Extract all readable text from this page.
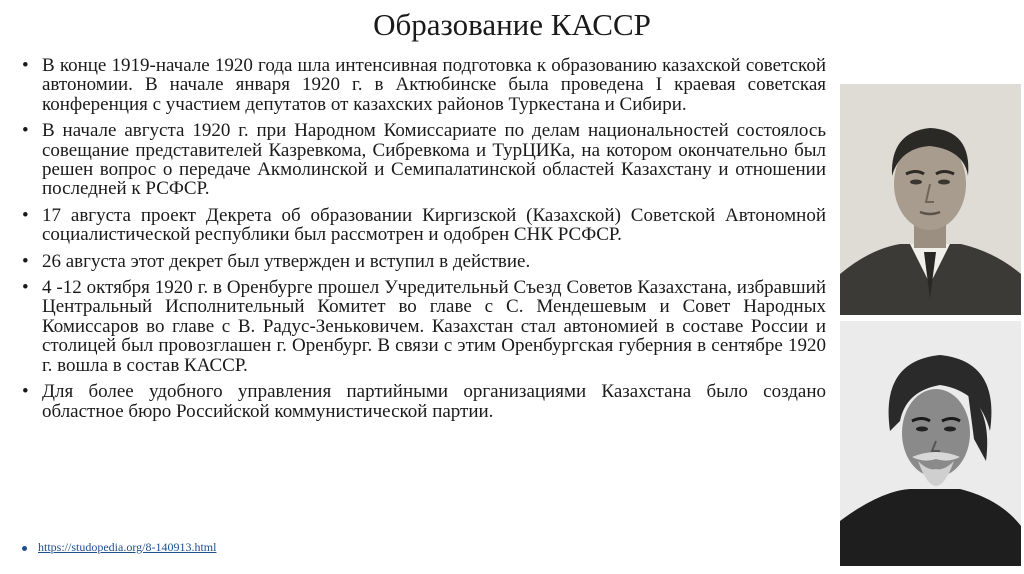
Образование КАССР
• В конце 1919-начале 1920 года шла интенсивная подготовка к образованию казахской советской автономии. В начале января 1920 г. в Актюбинске была проведена I краевая советская конференция с участием депутатов от казахских районов Туркестана и Сибири.
• В начале августа 1920 г. при Народном Комиссариате по делам национальностей состоялось совещание представителей Казревкома, Сибревкома и ТурЦИКа, на котором окончательно был решен вопрос о передаче Акмолинской и Семипалатинской областей Казахстану и отношении последней к РСФСР.
• 17 августа проект Декрета об образовании Киргизской (Казахской) Советской Автономной социалистической республики был рассмотрен и одобрен СНК РСФСР.
• 26 августа этот декрет был утвержден и вступил в действие.
• 4 -12 октября 1920 г. в Оренбурге прошел Учредительньй Съезд Советов Казахстана, избравший Центральный Исполнительный Комитет во главе с С. Мендешевым и Совет Народных Комиссаров во главе с В. Радус-Зеньковичем. Казахстан стал автономией в составе России и столицей был провозглашен г. Оренбург. В связи с этим Оренбургская губерния в сентябре 1920 г. вошла в состав КАССР.
• Для более удобного управления партийными организациями Казахстана было создано областное бюро Российской коммунистической партии.
https://studopedia.org/8-140913.html
